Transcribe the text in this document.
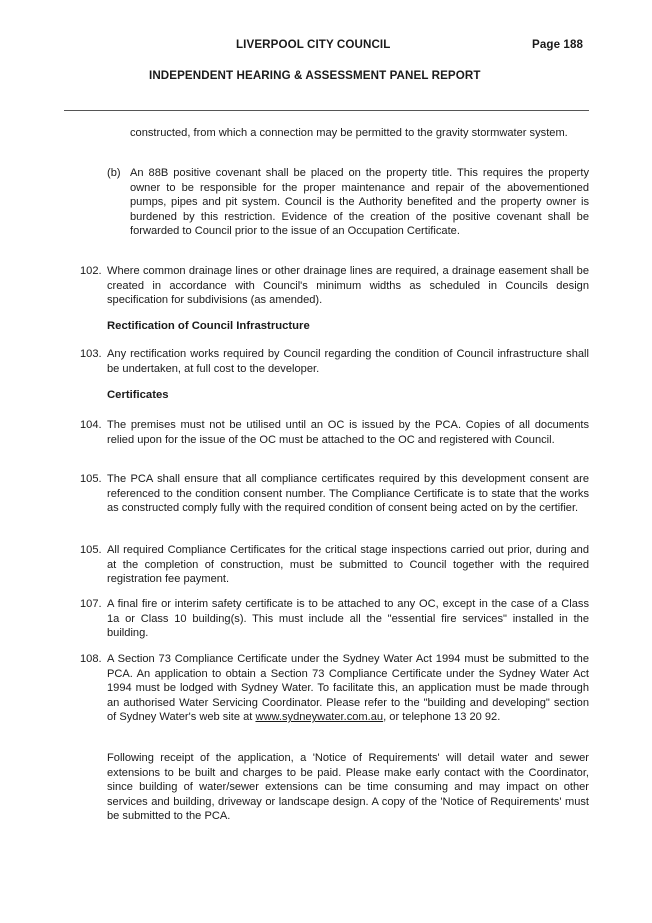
LIVERPOOL CITY COUNCIL	Page 188
INDEPENDENT HEARING & ASSESSMENT PANEL REPORT
constructed, from which a connection may be permitted to the gravity stormwater system.
(b) An 88B positive covenant shall be placed on the property title. This requires the property owner to be responsible for the proper maintenance and repair of the abovementioned pumps, pipes and pit system. Council is the Authority benefited and the property owner is burdened by this restriction. Evidence of the creation of the positive covenant shall be forwarded to Council prior to the issue of an Occupation Certificate.
102. Where common drainage lines or other drainage lines are required, a drainage easement shall be created in accordance with Council's minimum widths as scheduled in Councils design specification for subdivisions (as amended).
Rectification of Council Infrastructure
103. Any rectification works required by Council regarding the condition of Council infrastructure shall be undertaken, at full cost to the developer.
Certificates
104. The premises must not be utilised until an OC is issued by the PCA. Copies of all documents relied upon for the issue of the OC must be attached to the OC and registered with Council.
105. The PCA shall ensure that all compliance certificates required by this development consent are referenced to the condition consent number. The Compliance Certificate is to state that the works as constructed comply fully with the required condition of consent being acted on by the certifier.
105. All required Compliance Certificates for the critical stage inspections carried out prior, during and at the completion of construction, must be submitted to Council together with the required registration fee payment.
107. A final fire or interim safety certificate is to be attached to any OC, except in the case of a Class 1a or Class 10 building(s). This must include all the "essential fire services" installed in the building.
108. A Section 73 Compliance Certificate under the Sydney Water Act 1994 must be submitted to the PCA. An application to obtain a Section 73 Compliance Certificate under the Sydney Water Act 1994 must be lodged with Sydney Water. To facilitate this, an application must be made through an authorised Water Servicing Coordinator. Please refer to the "building and developing" section of Sydney Water's web site at www.sydneywater.com.au, or telephone 13 20 92.
Following receipt of the application, a 'Notice of Requirements' will detail water and sewer extensions to be built and charges to be paid. Please make early contact with the Coordinator, since building of water/sewer extensions can be time consuming and may impact on other services and building, driveway or landscape design. A copy of the 'Notice of Requirements' must be submitted to the PCA.
